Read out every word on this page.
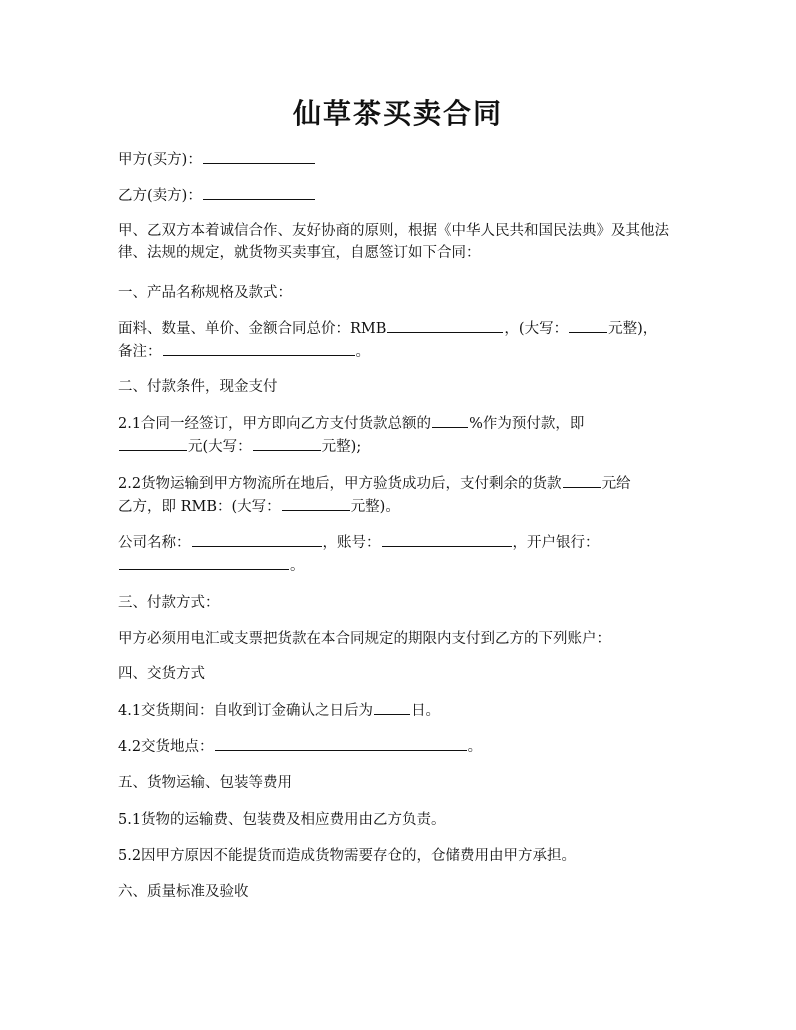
仙草茶买卖合同
甲方(买方)：
乙方(卖方)：
甲、乙双方本着诚信合作、友好协商的原则，根据《中华人民共和国民法典》及其他法律、法规的规定，就货物买卖事宜，自愿签订如下合同：
一、产品名称规格及款式：
面料、数量、单价、金额合同总价：RMB	，(大写：	元整)，
备注：	。
二、付款条件，现金支付
2.1合同一经签订，甲方即向乙方支付货款总额的	%作为预付款，即
元(大写：	元整);
2.2货物运输到甲方物流所在地后，甲方验货成功后，支付剩余的货款	元给
乙方，即 RMB：(大写：	元整)。
公司名称：	，账号：	，开户银行：
。
三、付款方式：
甲方必须用电汇或支票把货款在本合同规定的期限内支付到乙方的下列账户：
四、交货方式
4.1交货期间：自收到订金确认之日后为	日。
4.2交货地点：	。
五、货物运输、包装等费用
5.1货物的运输费、包装费及相应费用由乙方负责。
5.2因甲方原因不能提货而造成货物需要存仓的，仓储费用由甲方承担。
六、质量标准及验收
